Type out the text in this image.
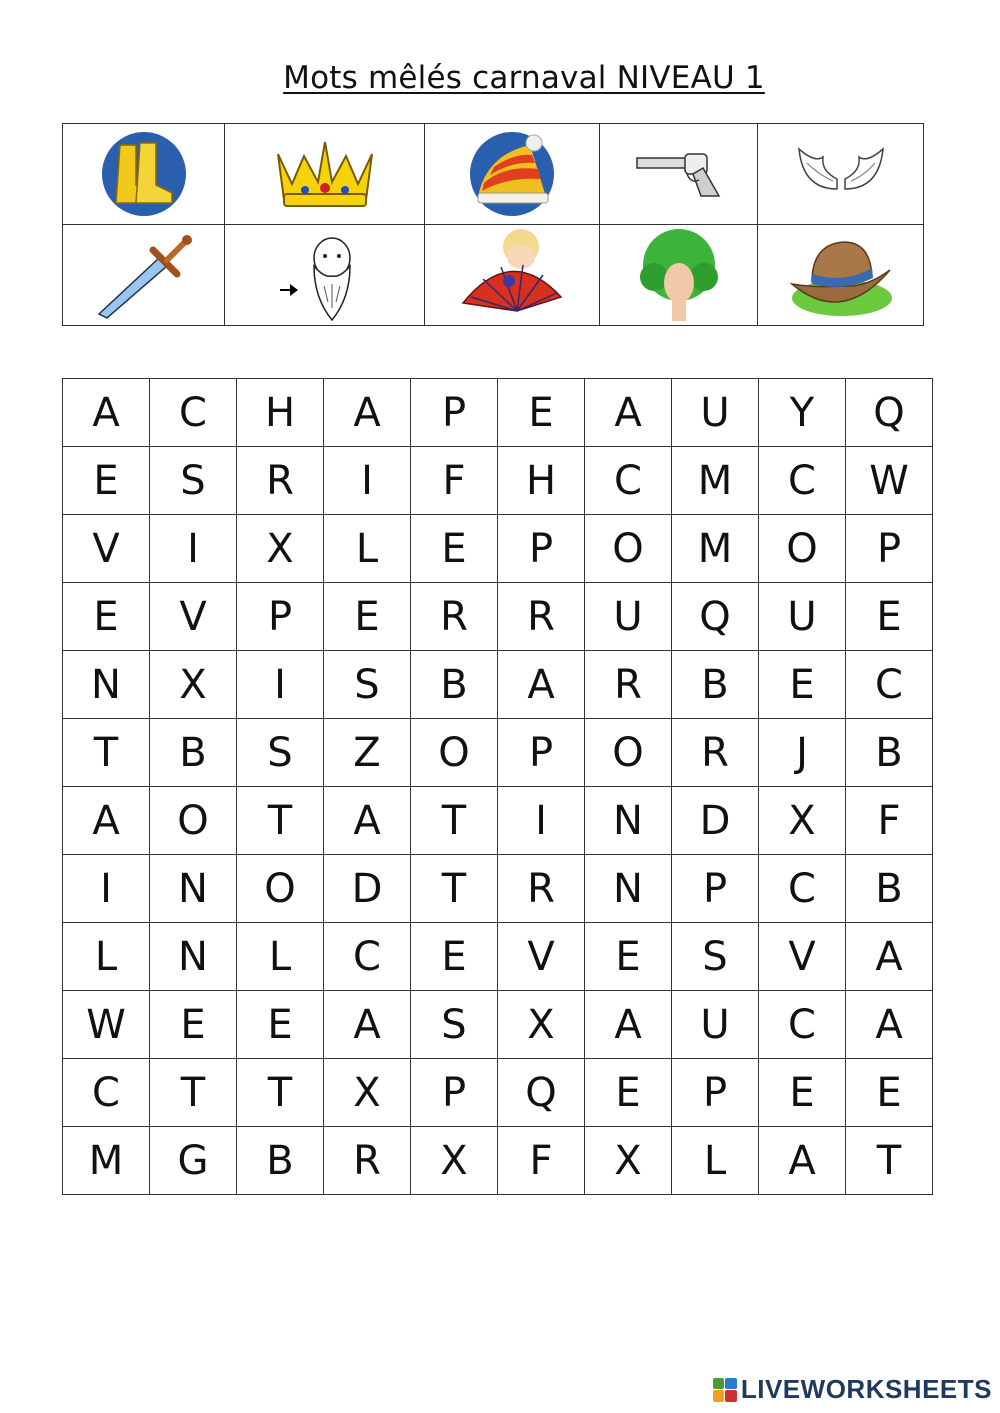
Mots mêlés carnaval NIVEAU 1

A	C	H	A	P	E	A	U	Y	Q
E	S	R	I	F	H	C	M	C	W
V	I	X	L	E	P	O	M	O	P
E	V	P	E	R	R	U	Q	U	E
N	X	I	S	B	A	R	B	E	C
T	B	S	Z	O	P	O	R	J	B
A	O	T	A	T	I	N	D	X	F
I	N	O	D	T	R	N	P	C	B
L	N	L	C	E	V	E	S	V	A
W	E	E	A	S	X	A	U	C	A
C	T	T	X	P	Q	E	P	E	E
M	G	B	R	X	F	X	L	A	T
LIVEWORKSHEETS
